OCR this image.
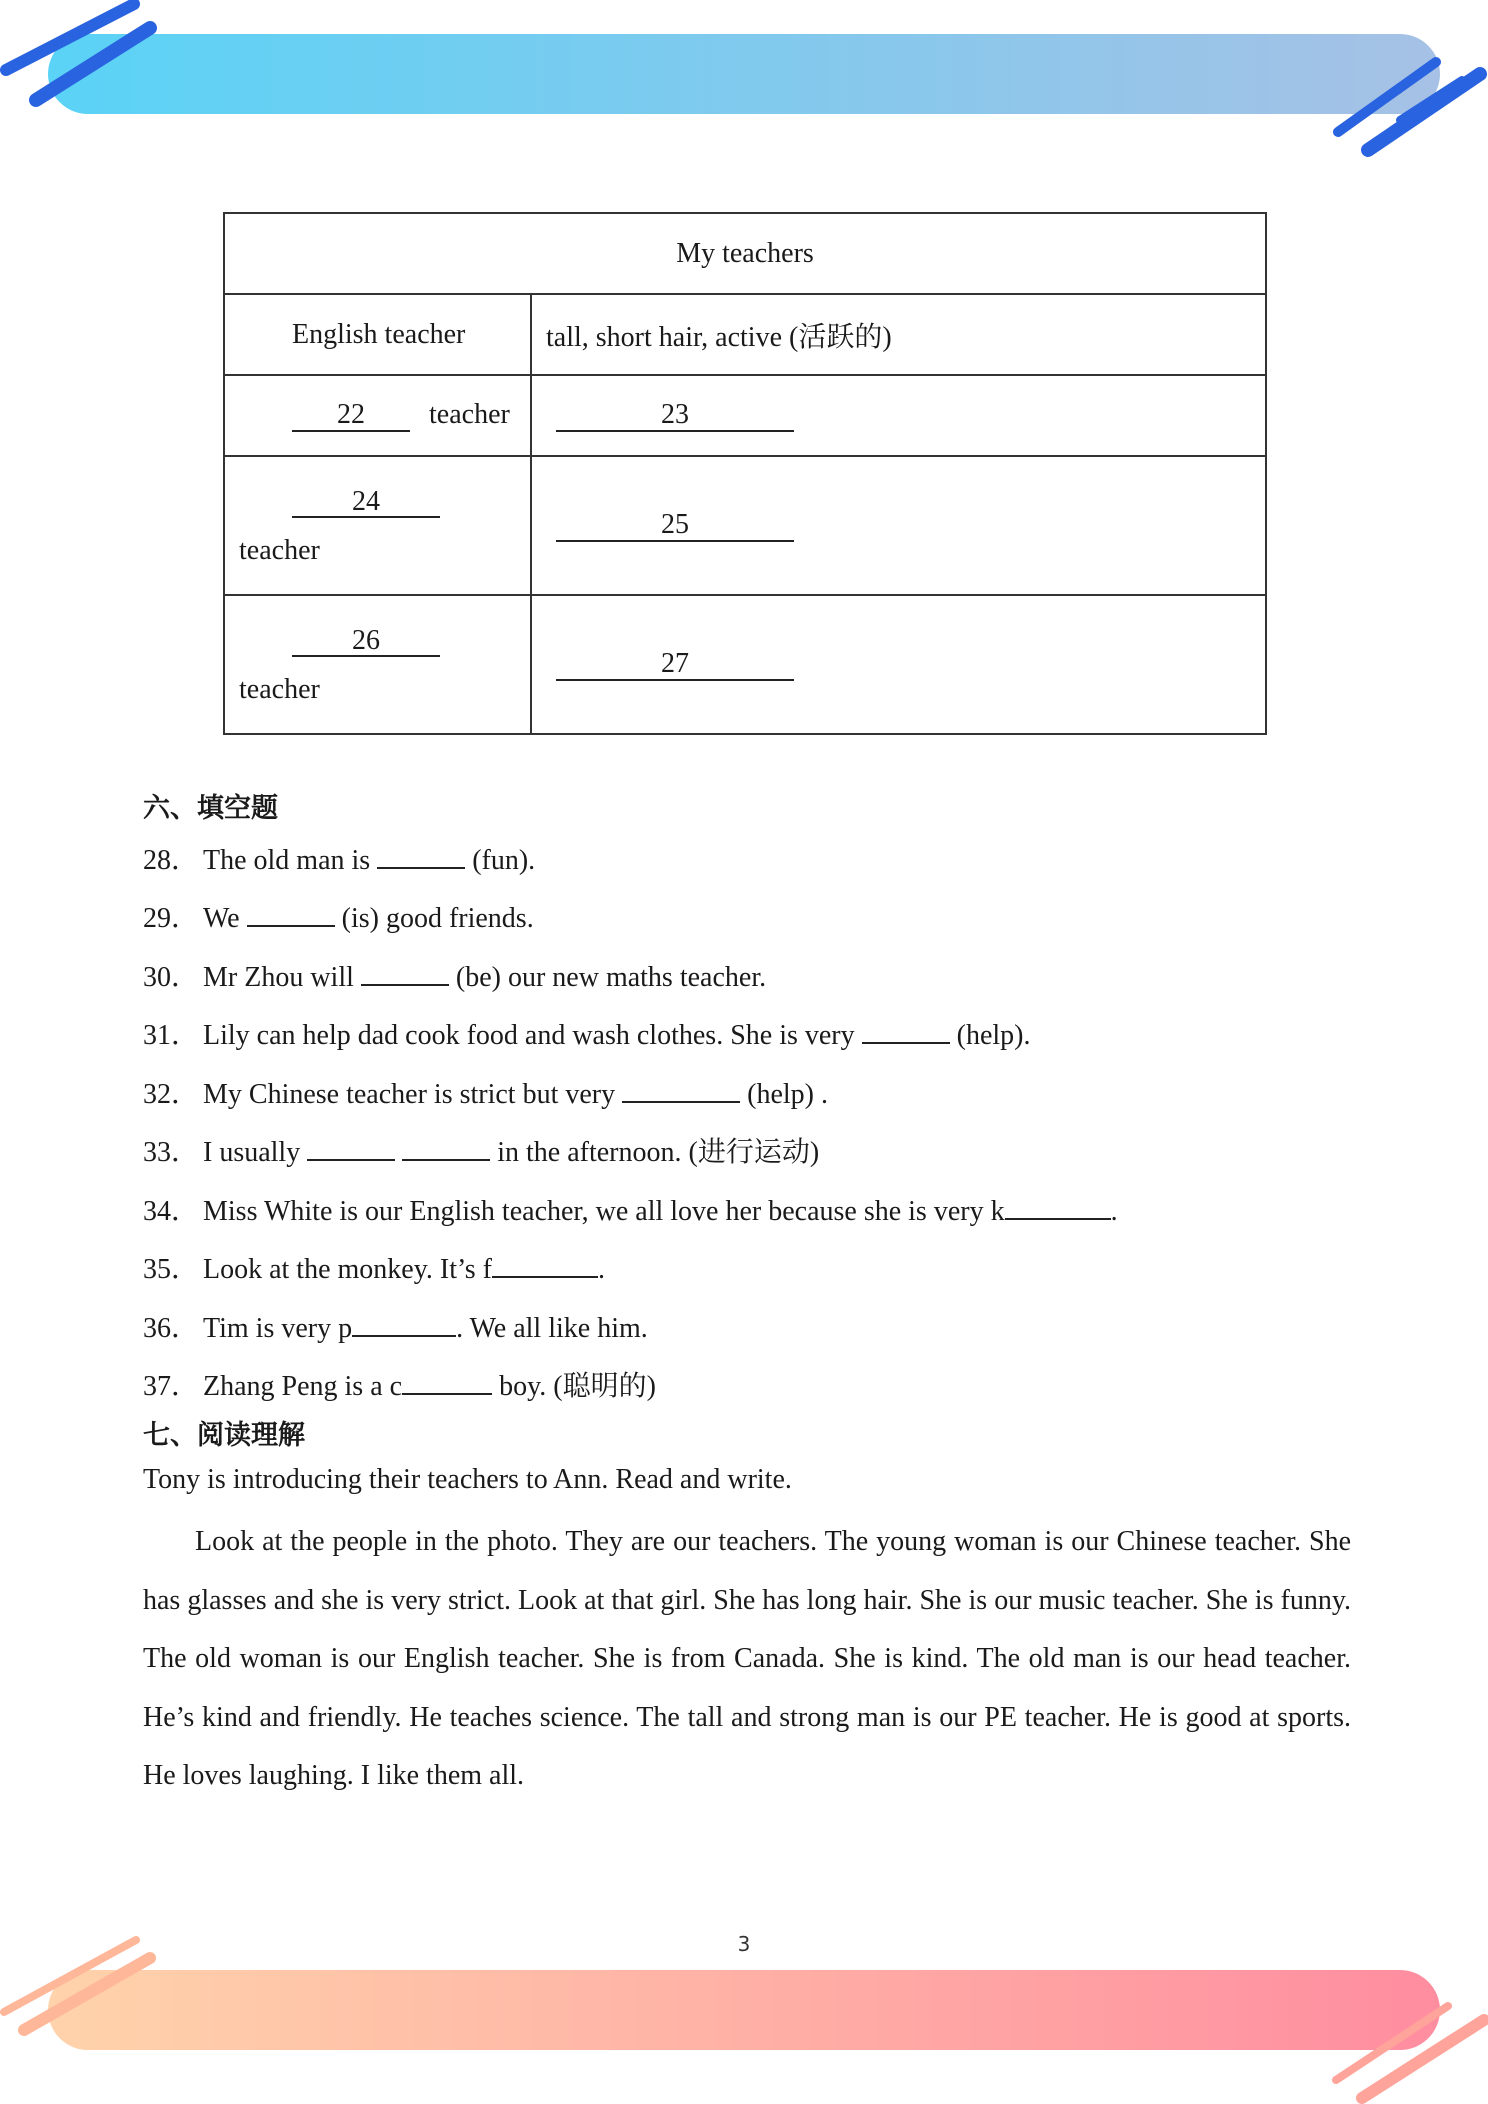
My teachers	
English teacher	tall, short hair, active (活跃的)
22 teacher	23

24
teacher	25

26
teacher	27
六、填空题
28． The old man is	(fun).
29． We	(is) good friends.
30． Mr Zhou will	(be) our new maths teacher.
31． Lily can help dad cook food and wash clothes. She is very	(help).
32． My Chinese teacher is strict but very	(help) .
33． I usually	in the afternoon. (进行运动)
34． Miss White is our English teacher, we all love her because she is very k	.
35． Look at the monkey. It’s f	.
36． Tim is very p	. We all like him.
37． Zhang Peng is a c	boy. (聪明的)
七、阅读理解
Tony is introducing their teachers to Ann. Read and write.
Look at the people in the photo. They are our teachers. The young woman is our Chinese teacher. She has glasses and she is very strict. Look at that girl. She has long hair. She is our music teacher. She is funny. The old woman is our English teacher. She is from Canada. She is kind. The old man is our head teacher. He’s kind and friendly. He teaches science. The tall and strong man is our PE teacher. He is good at sports. He loves laughing. I like them all.
3
